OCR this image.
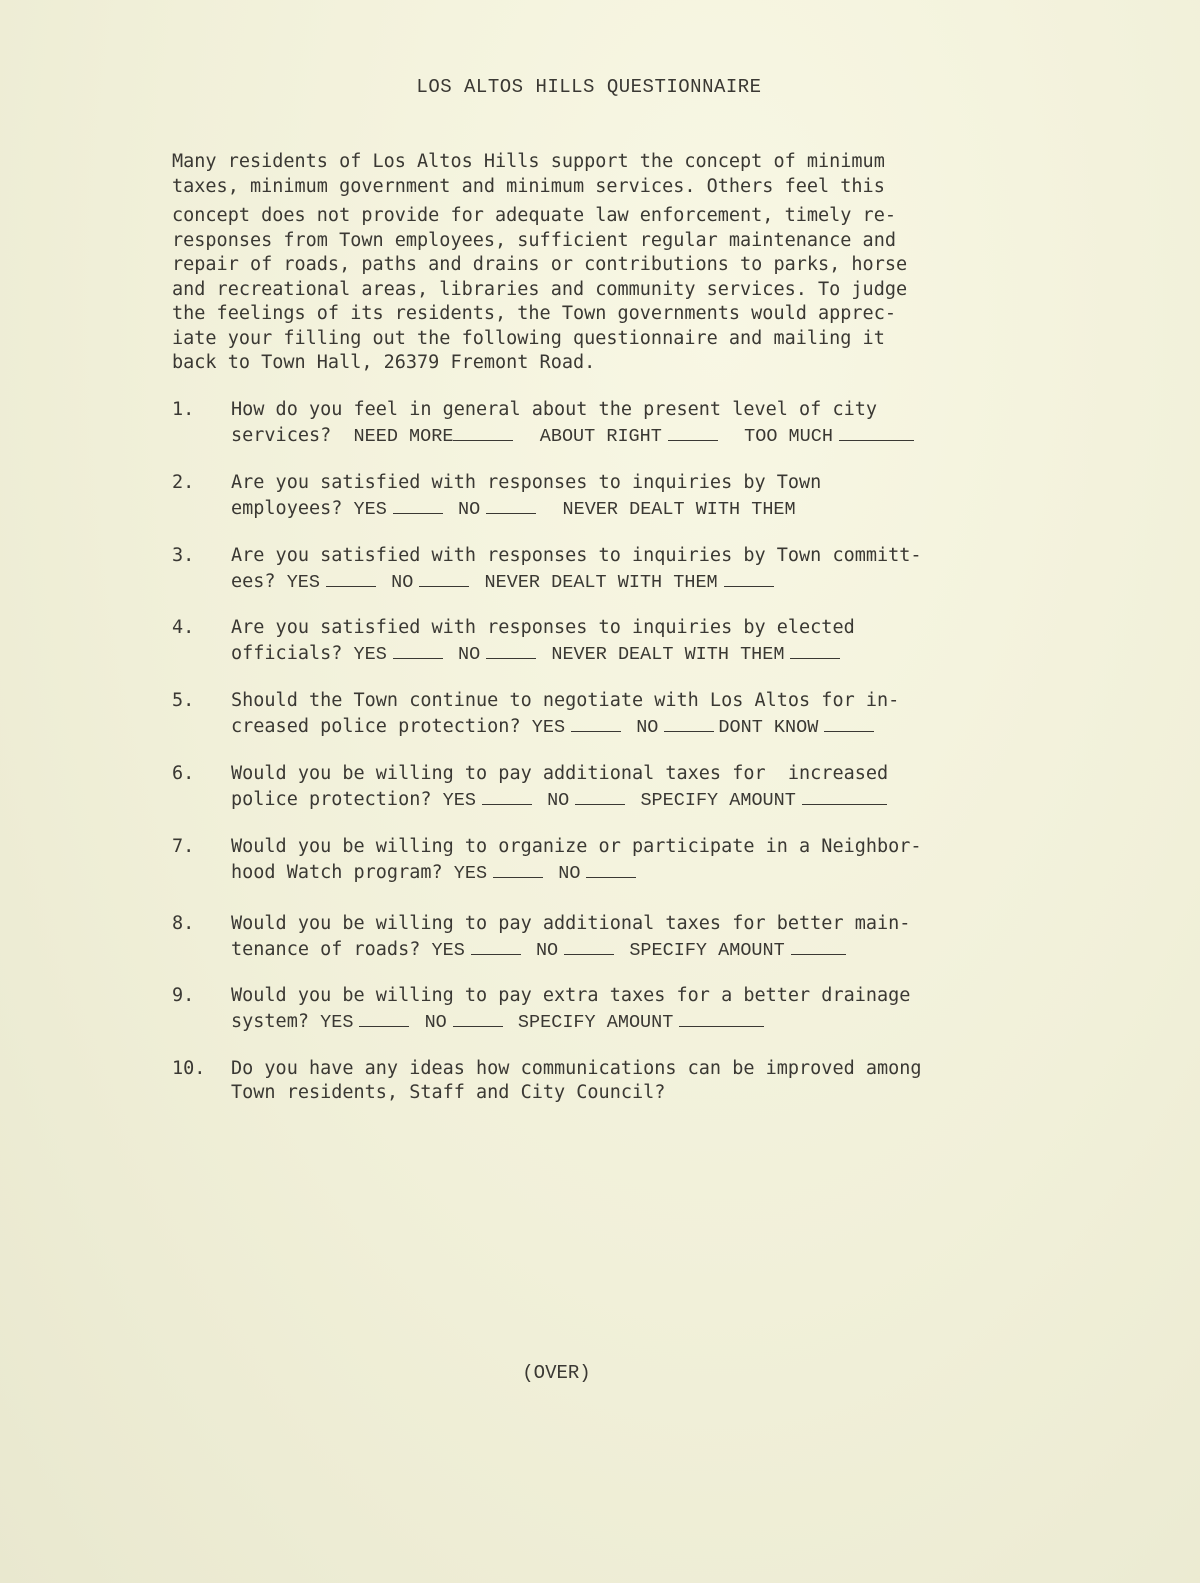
LOS ALTOS HILLS QUESTIONNAIRE
Many residents of Los Altos Hills support the concept of minimum
taxes, minimum government and minimum services. Others feel this
concept does not provide for adequate law enforcement, timely re-
responses from Town employees, sufficient regular maintenance and
repair of roads, paths and drains or contributions to parks, horse
and recreational areas, libraries and community services. To judge
the feelings of its residents, the Town governments would apprec-
iate your filling out the following questionnaire and mailing it
back to Town Hall, 26379 Fremont Road.
1.	How do you feel in general about the present level of city
services? NEED MORE	ABOUT RIGHT	TOO MUCH
2.	Are you satisfied with responses to inquiries by Town
employees? YES	NO	NEVER DEALT WITH THEM
3.	Are you satisfied with responses to inquiries by Town committ-
ees? YES	NO	NEVER DEALT WITH THEM
4.	Are you satisfied with responses to inquiries by elected
officials? YES	NO	NEVER DEALT WITH THEM
5.	Should the Town continue to negotiate with Los Altos for in-
creased police protection? YES	NO	DONT KNOW
6.	Would you be willing to pay additional taxes for  increased
police protection? YES	NO	SPECIFY AMOUNT
7.	Would you be willing to organize or participate in a Neighbor-
hood Watch program? YES	NO
8.	Would you be willing to pay additional taxes for better main-
tenance of roads? YES	NO	SPECIFY AMOUNT
9.	Would you be willing to pay extra taxes for a better drainage
system? YES	NO	SPECIFY AMOUNT
10.	Do you have any ideas how communications can be improved among
Town residents, Staff and City Council?
(OVER)
